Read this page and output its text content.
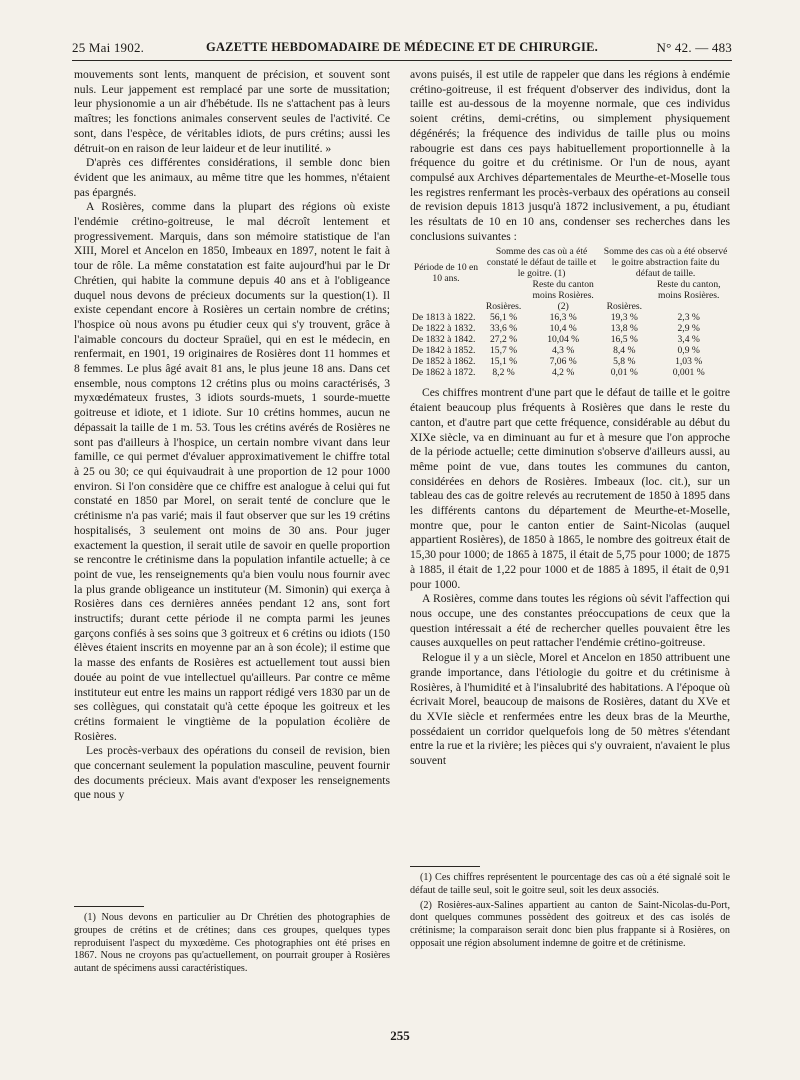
25 Mai 1902.	GAZETTE HEBDOMADAIRE DE MÉDECINE ET DE CHIRURGIE.	N° 42. — 483

mouvements sont lents, manquent de précision, et souvent sont nuls. Leur jappement est remplacé par une sorte de mussitation; leur physionomie a un air d'hébétude. Ils ne s'attachent pas à leurs maîtres; les fonctions animales conservent seules de l'activité. Ce sont, dans l'espèce, de véritables idiots, de purs crétins; aussi les détruit-on en raison de leur laideur et de leur inutilité. »

D'après ces différentes considérations, il semble donc bien évident que les animaux, au même titre que les hommes, n'étaient pas épargnés.

A Rosières, comme dans la plupart des régions où existe l'endémie crétino-goitreuse, le mal décroît lentement et progressivement. Marquis, dans son mémoire statistique de l'an XIII, Morel et Ancelon en 1850, Imbeaux en 1897, notent le fait à tour de rôle. La même constatation est faite aujourd'hui par le Dr Chrétien, qui habite la commune depuis 40 ans et à l'obligeance duquel nous devons de précieux documents sur la question(1). Il existe cependant encore à Rosières un certain nombre de crétins; l'hospice où nous avons pu étudier ceux qui s'y trouvent, grâce à l'aimable concours du docteur Spraüel, qui en est le médecin, en renfermait, en 1901, 19 originaires de Rosières dont 11 hommes et 8 femmes. Le plus âgé avait 81 ans, le plus jeune 18 ans. Dans cet ensemble, nous comptons 12 crétins plus ou moins caractérisés, 3 myxœdémateux frustes, 3 idiots sourds-muets, 1 sourde-muette goitreuse et idiote, et 1 idiote. Sur 10 crétins hommes, aucun ne dépassait la taille de 1 m. 53. Tous les crétins avérés de Rosières ne sont pas d'ailleurs à l'hospice, un certain nombre vivant dans leur famille, ce qui permet d'évaluer approximativement le chiffre total à 25 ou 30; ce qui équivaudrait à une proportion de 12 pour 1000 environ. Si l'on considère que ce chiffre est analogue à celui qui fut constaté en 1850 par Morel, on serait tenté de conclure que le crétinisme n'a pas varié; mais il faut observer que sur les 19 crétins hospitalisés, 3 seulement ont moins de 30 ans. Pour juger exactement la question, il serait utile de savoir en quelle proportion se rencontre le crétinisme dans la population infantile actuelle; à ce point de vue, les renseignements qu'a bien voulu nous fournir avec la plus grande obligeance un instituteur (M. Simonin) qui exerça à Rosières dans ces dernières années pendant 12 ans, sont fort instructifs; durant cette période il ne compta parmi les jeunes garçons confiés à ses soins que 3 goitreux et 6 crétins ou idiots (150 élèves étaient inscrits en moyenne par an à son école); il estime que la masse des enfants de Rosières est actuellement tout aussi bien douée au point de vue intellectuel qu'ailleurs. Par contre ce même instituteur eut entre les mains un rapport rédigé vers 1830 par un de ses collègues, qui constatait qu'à cette époque les goitreux et les crétins formaient le vingtième de la population écolière de Rosières.

Les procès-verbaux des opérations du conseil de revision, bien que concernant seulement la population masculine, peuvent fournir des documents précieux. Mais avant d'exposer les renseignements que nous y

avons puisés, il est utile de rappeler que dans les régions à endémie crétino-goitreuse, il est fréquent d'observer des individus, dont la taille est au-dessous de la moyenne normale, que ces individus soient crétins, demi-crétins, ou simplement physiquement dégénérés; la fréquence des individus de taille plus ou moins rabougrie est dans ces pays habituellement proportionnelle à la fréquence du goitre et du crétinisme. Or l'un de nous, ayant compulsé aux Archives départementales de Meurthe-et-Moselle tous les registres renfermant les procès-verbaux des opérations au conseil de revision depuis 1813 jusqu'à 1872 inclusivement, a pu, étudiant les résultats de 10 en 10 ans, condenser ses recherches dans les conclusions suivantes :

Période de 10 en 10 ans.	Somme des cas où a été constaté le défaut de taille et le goitre. (1)		Somme des cas où a été observé le goitre abstraction faite du défaut de taille.	
	Rosières.	Reste du canton moins Rosières. (2)	Rosières.	Reste du canton, moins Rosières.
De 1813 à 1822.	56,1 %	16,3 %	19,3 %	2,3 %
De 1822 à 1832.	33,6 %	10,4 %	13,8 %	2,9 %
De 1832 à 1842.	27,2 %	10,04 %	16,5 %	3,4 %
De 1842 à 1852.	15,7 %	4,3 %	8,4 %	0,9 %
De 1852 à 1862.	15,1 %	7,06 %	5,8 %	1,03 %
De 1862 à 1872.	8,2 %	4,2 %	0,01 %	0,001 %

Ces chiffres montrent d'une part que le défaut de taille et le goitre étaient beaucoup plus fréquents à Rosières que dans le reste du canton, et d'autre part que cette fréquence, considérable au début du XIXe siècle, va en diminuant au fur et à mesure que l'on approche de la période actuelle; cette diminution s'observe d'ailleurs aussi, au même point de vue, dans toutes les communes du canton, considérées en dehors de Rosières. Imbeaux (loc. cit.), sur un tableau des cas de goitre relevés au recrutement de 1850 à 1895 dans les différents cantons du département de Meurthe-et-Moselle, montre que, pour le canton entier de Saint-Nicolas (auquel appartient Rosières), de 1850 à 1865, le nombre des goitreux était de 15,30 pour 1000; de 1865 à 1875, il était de 5,75 pour 1000; de 1875 à 1885, il était de 1,22 pour 1000 et de 1885 à 1895, il était de 0,91 pour 1000.

A Rosières, comme dans toutes les régions où sévit l'affection qui nous occupe, une des constantes préoccupations de ceux que la question intéressait a été de rechercher quelles pouvaient être les causes auxquelles on peut rattacher l'endémie crétino-goitreuse.

Relogue il y a un siècle, Morel et Ancelon en 1850 attribuent une grande importance, dans l'étiologie du goitre et du crétinisme à Rosières, à l'humidité et à l'insalubrité des habitations. A l'époque où écrivait Morel, beaucoup de maisons de Rosières, datant du XVe et du XVIe siècle et renfermées entre les deux bras de la Meurthe, possédaient un corridor quelquefois long de 50 mètres s'étendant entre la rue et la rivière; les pièces qui s'y ouvraient, n'avaient le plus souvent

(1) Nous devons en particulier au Dr Chrétien des photographies de groupes de crétins et de crétines; dans ces groupes, quelques types reproduisent l'aspect du myxœdème. Ces photographies ont été prises en 1867. Nous ne croyons pas qu'actuellement, on pourrait grouper à Rosières autant de spécimens aussi caractéristiques.

(1) Ces chiffres représentent le pourcentage des cas où a été signalé soit le défaut de taille seul, soit le goitre seul, soit les deux associés.

(2) Rosières-aux-Salines appartient au canton de Saint-Nicolas-du-Port, dont quelques communes possèdent des goitreux et des cas isolés de crétinisme; la comparaison serait donc bien plus frappante si à Rosières, on opposait une région absolument indemne de goitre et de crétinisme.

255
